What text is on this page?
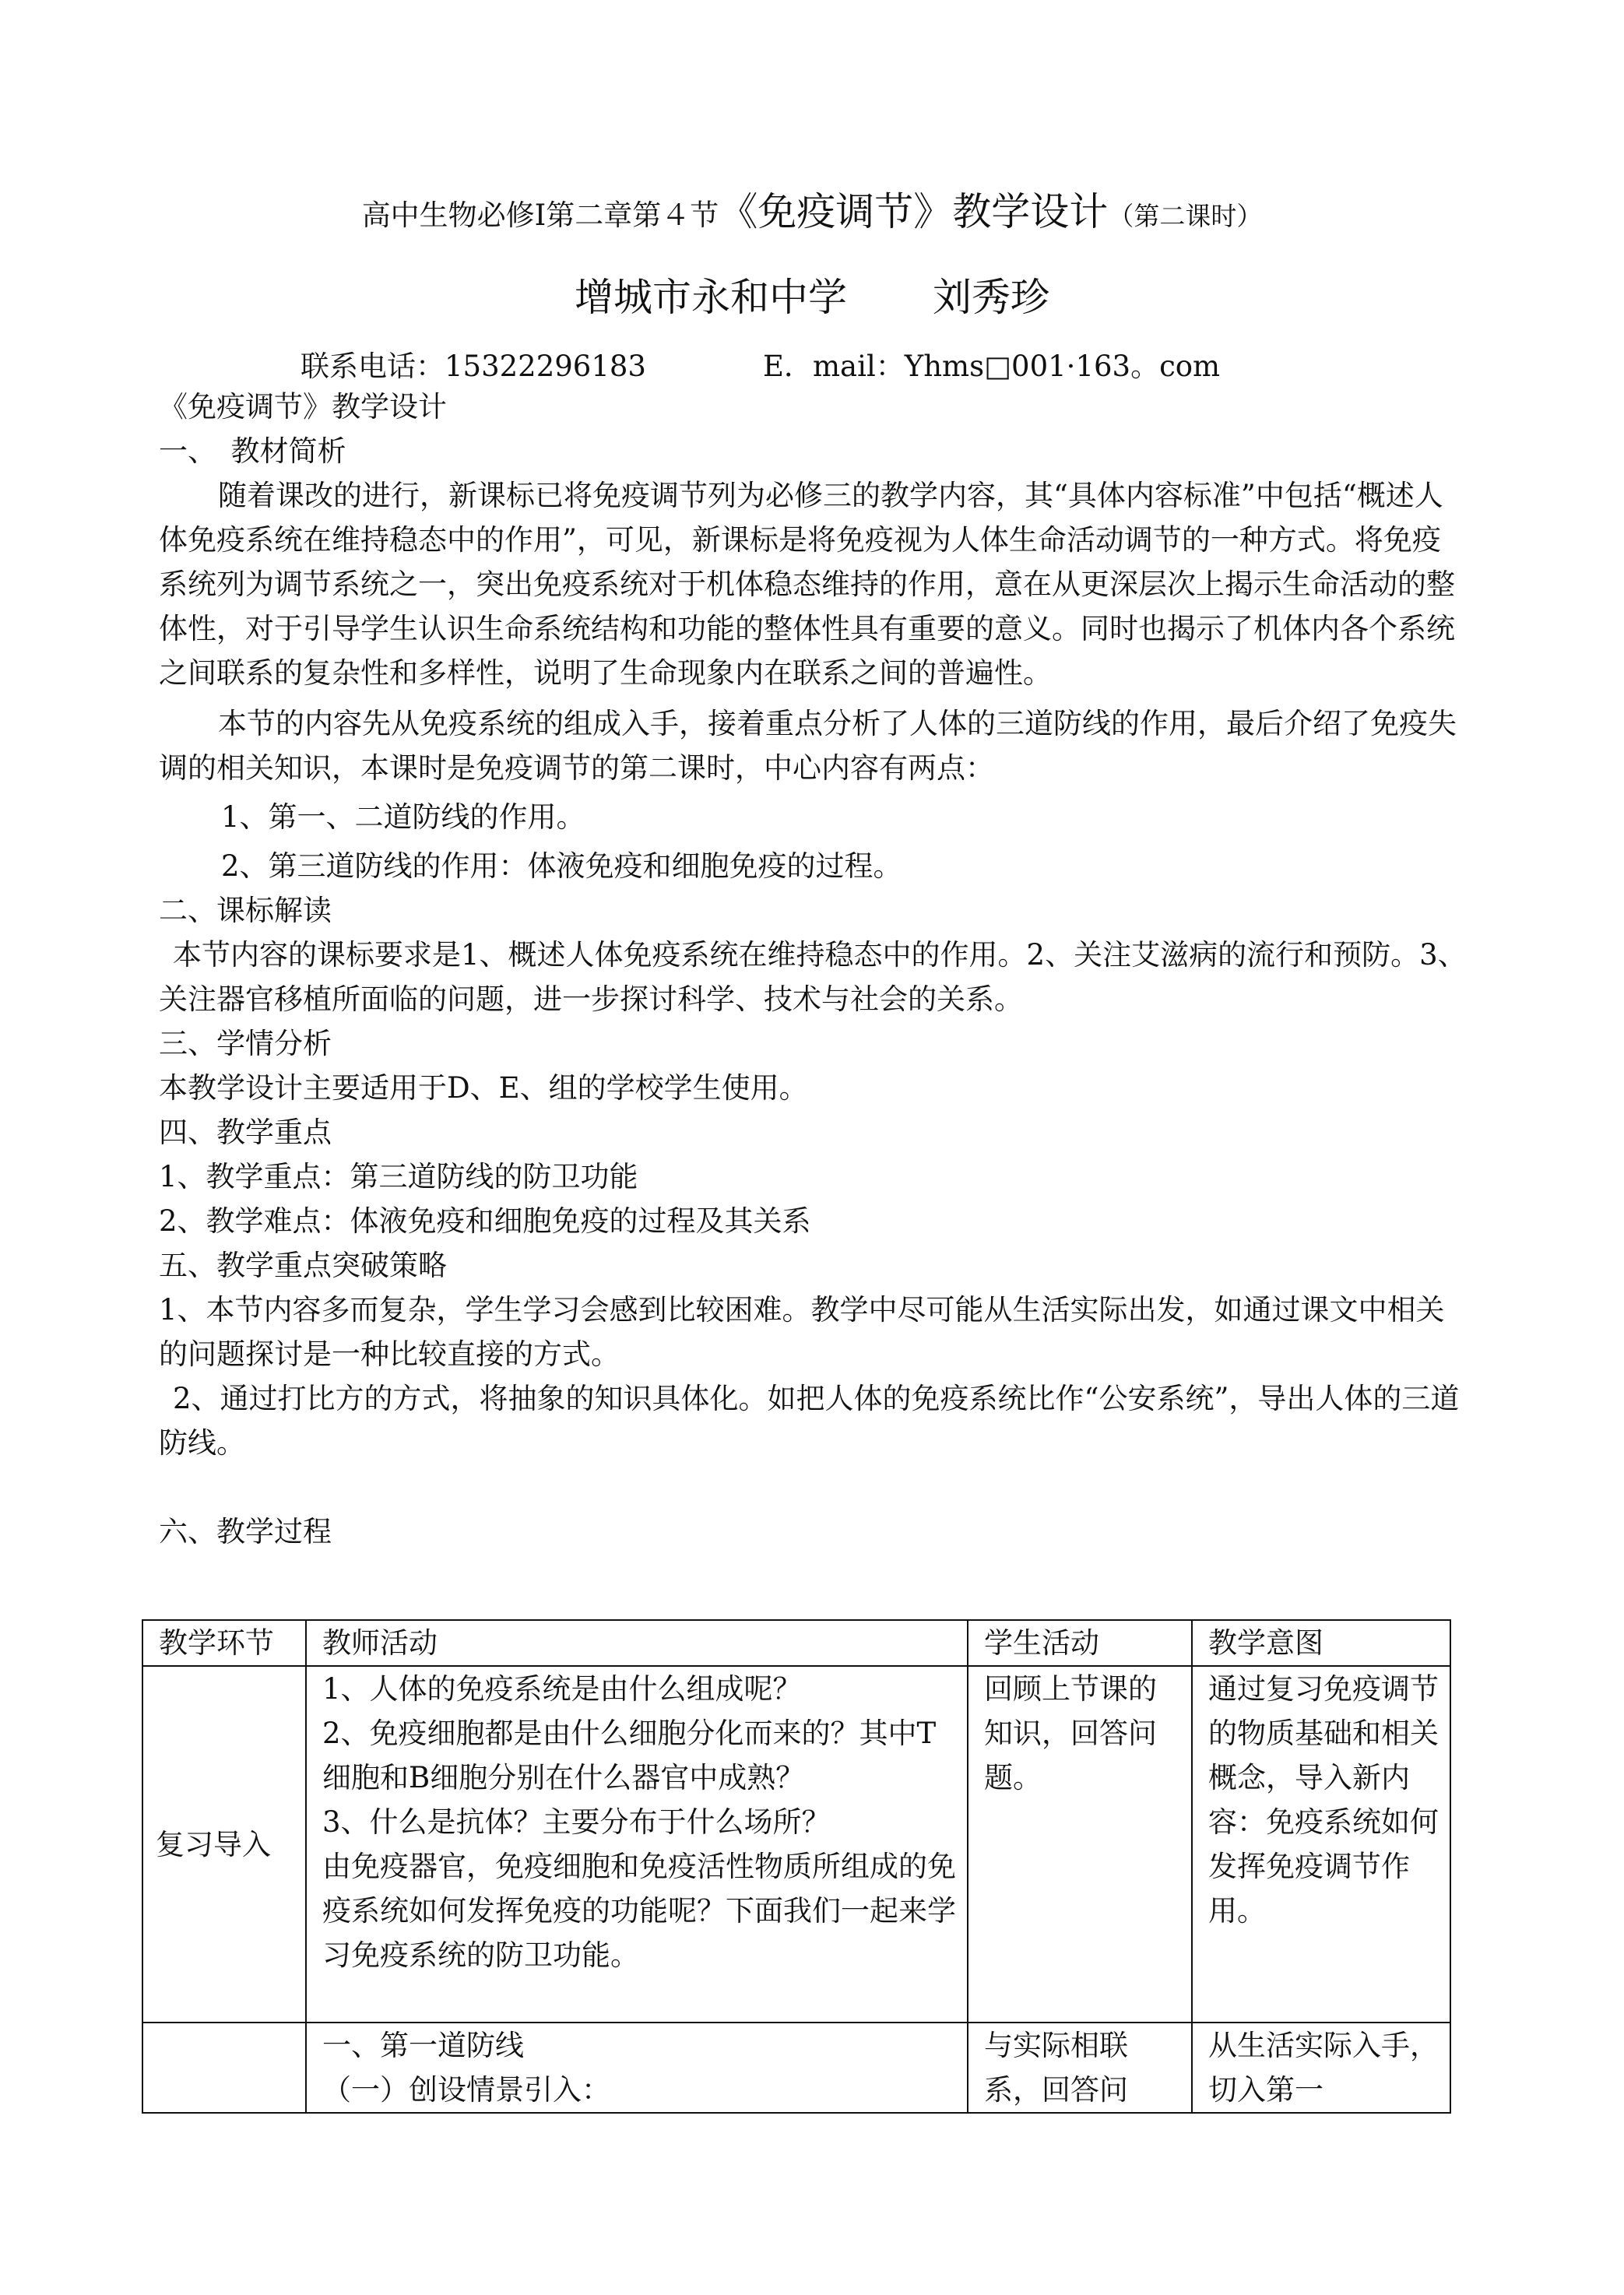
高中生物必修Ⅰ第二章第４节《免疫调节》教学设计（第二课时）
增城市永和中学 刘秀珍
联系电话：15322296183	E．mail：Yhms□001·163。com

《免疫调节》教学设计

一、　教材简析

随着课改的进行，新课标已将免疫调节列为必修三的教学内容，其“具体内容标准”中包括“概述人体免疫系统在维持稳态中的作用”，可见，新课标是将免疫视为人体生命活动调节的一种方式。将免疫系统列为调节系统之一，突出免疫系统对于机体稳态维持的作用，意在从更深层次上揭示生命活动的整体性，对于引导学生认识生命系统结构和功能的整体性具有重要的意义。同时也揭示了机体内各个系统之间联系的复杂性和多样性，说明了生命现象内在联系之间的普遍性。

本节的内容先从免疫系统的组成入手，接着重点分析了人体的三道防线的作用，最后介绍了免疫失调的相关知识，本课时是免疫调节的第二课时，中心内容有两点：

1、第一、二道防线的作用。

2、第三道防线的作用：体液免疫和细胞免疫的过程。

二、课标解读

本节内容的课标要求是1、概述人体免疫系统在维持稳态中的作用。2、关注艾滋病的流行和预防。3、关注器官移植所面临的问题，进一步探讨科学、技术与社会的关系。

三、学情分析

本教学设计主要适用于D、E、组的学校学生使用。

四、教学重点

1、教学重点：第三道防线的防卫功能

2、教学难点：体液免疫和细胞免疫的过程及其关系

五、教学重点突破策略

1、本节内容多而复杂，学生学习会感到比较困难。教学中尽可能从生活实际出发，如通过课文中相关的问题探讨是一种比较直接的方式。

2、通过打比方的方式，将抽象的知识具体化。如把人体的免疫系统比作“公安系统”，导出人体的三道防线。

六、教学过程

教学环节	教师活动	学生活动	教学意图
复习导入	1、人体的免疫系统是由什么组成呢？
2、免疫细胞都是由什么细胞分化而来的？其中T细胞和B细胞分别在什么器官中成熟？
3、什么是抗体？主要分布于什么场所？
由免疫器官，免疫细胞和免疫活性物质所组成的免疫系统如何发挥免疫的功能呢？下面我们一起来学习免疫系统的防卫功能。	回顾上节课的知识，回答问题。	通过复习免疫调节的物质基础和相关概念，导入新内容：免疫系统如何发挥免疫调节作用。

	一、第一道防线
（一）创设情景引入：	与实际相联系，回答问	从生活实际入手，切入第一
